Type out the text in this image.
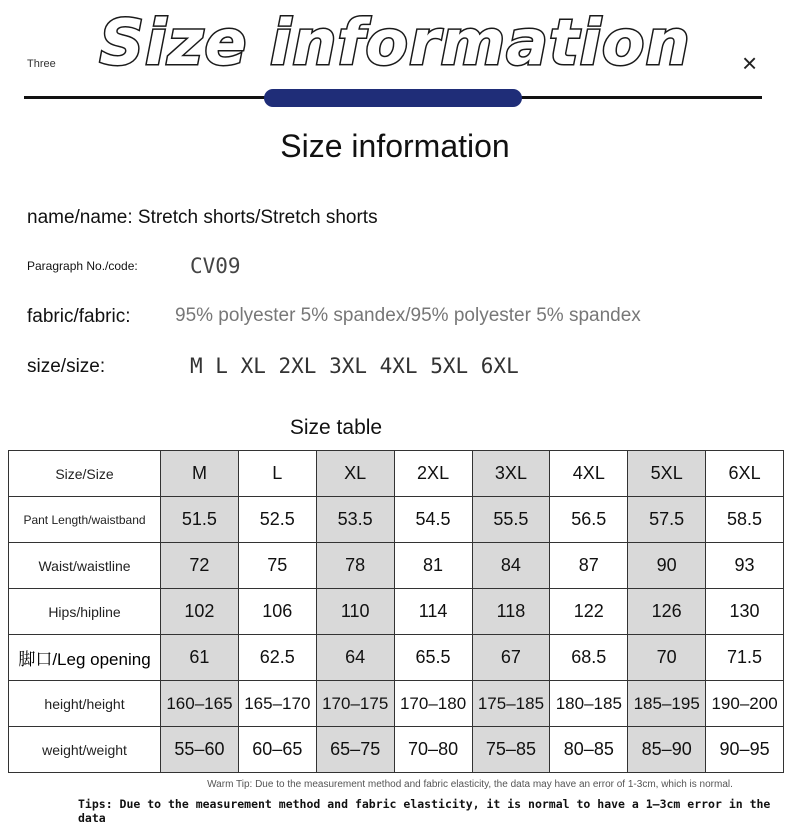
Three Size information	×
Size information
name/name: Stretch shorts/Stretch shorts
Paragraph No./code: CV09
fabric/fabric: 95% polyester 5% spandex/95% polyester 5% spandex
size/size:	M L XL 2XL 3XL 4XL 5XL 6XL
Size table
Size/Size	M	L	XL	2XL	3XL	4XL	5XL	6XL
Pant Length/waistband	51.5	52.5	53.5	54.5	55.5	56.5	57.5	58.5
Waist/waistline	72	75	78	81	84	87	90	93
Hips/hipline	102	106	110	114	118	122	126	130
脚口/Leg opening	61	62.5	64	65.5	67	68.5	70	71.5
height/height	160–165	165–170	170–175	170–180	175–185	180–185	185–195	190–200
weight/weight	55–60	60–65	65–75	70–80	75–85	80–85	85–90	90–95
Warm Tip: Due to the measurement method and fabric elasticity, the data may have an error of 1-3cm, which is normal.
Tips: Due to the measurement method and fabric elasticity, it is normal to have a 1–3cm error in the data
